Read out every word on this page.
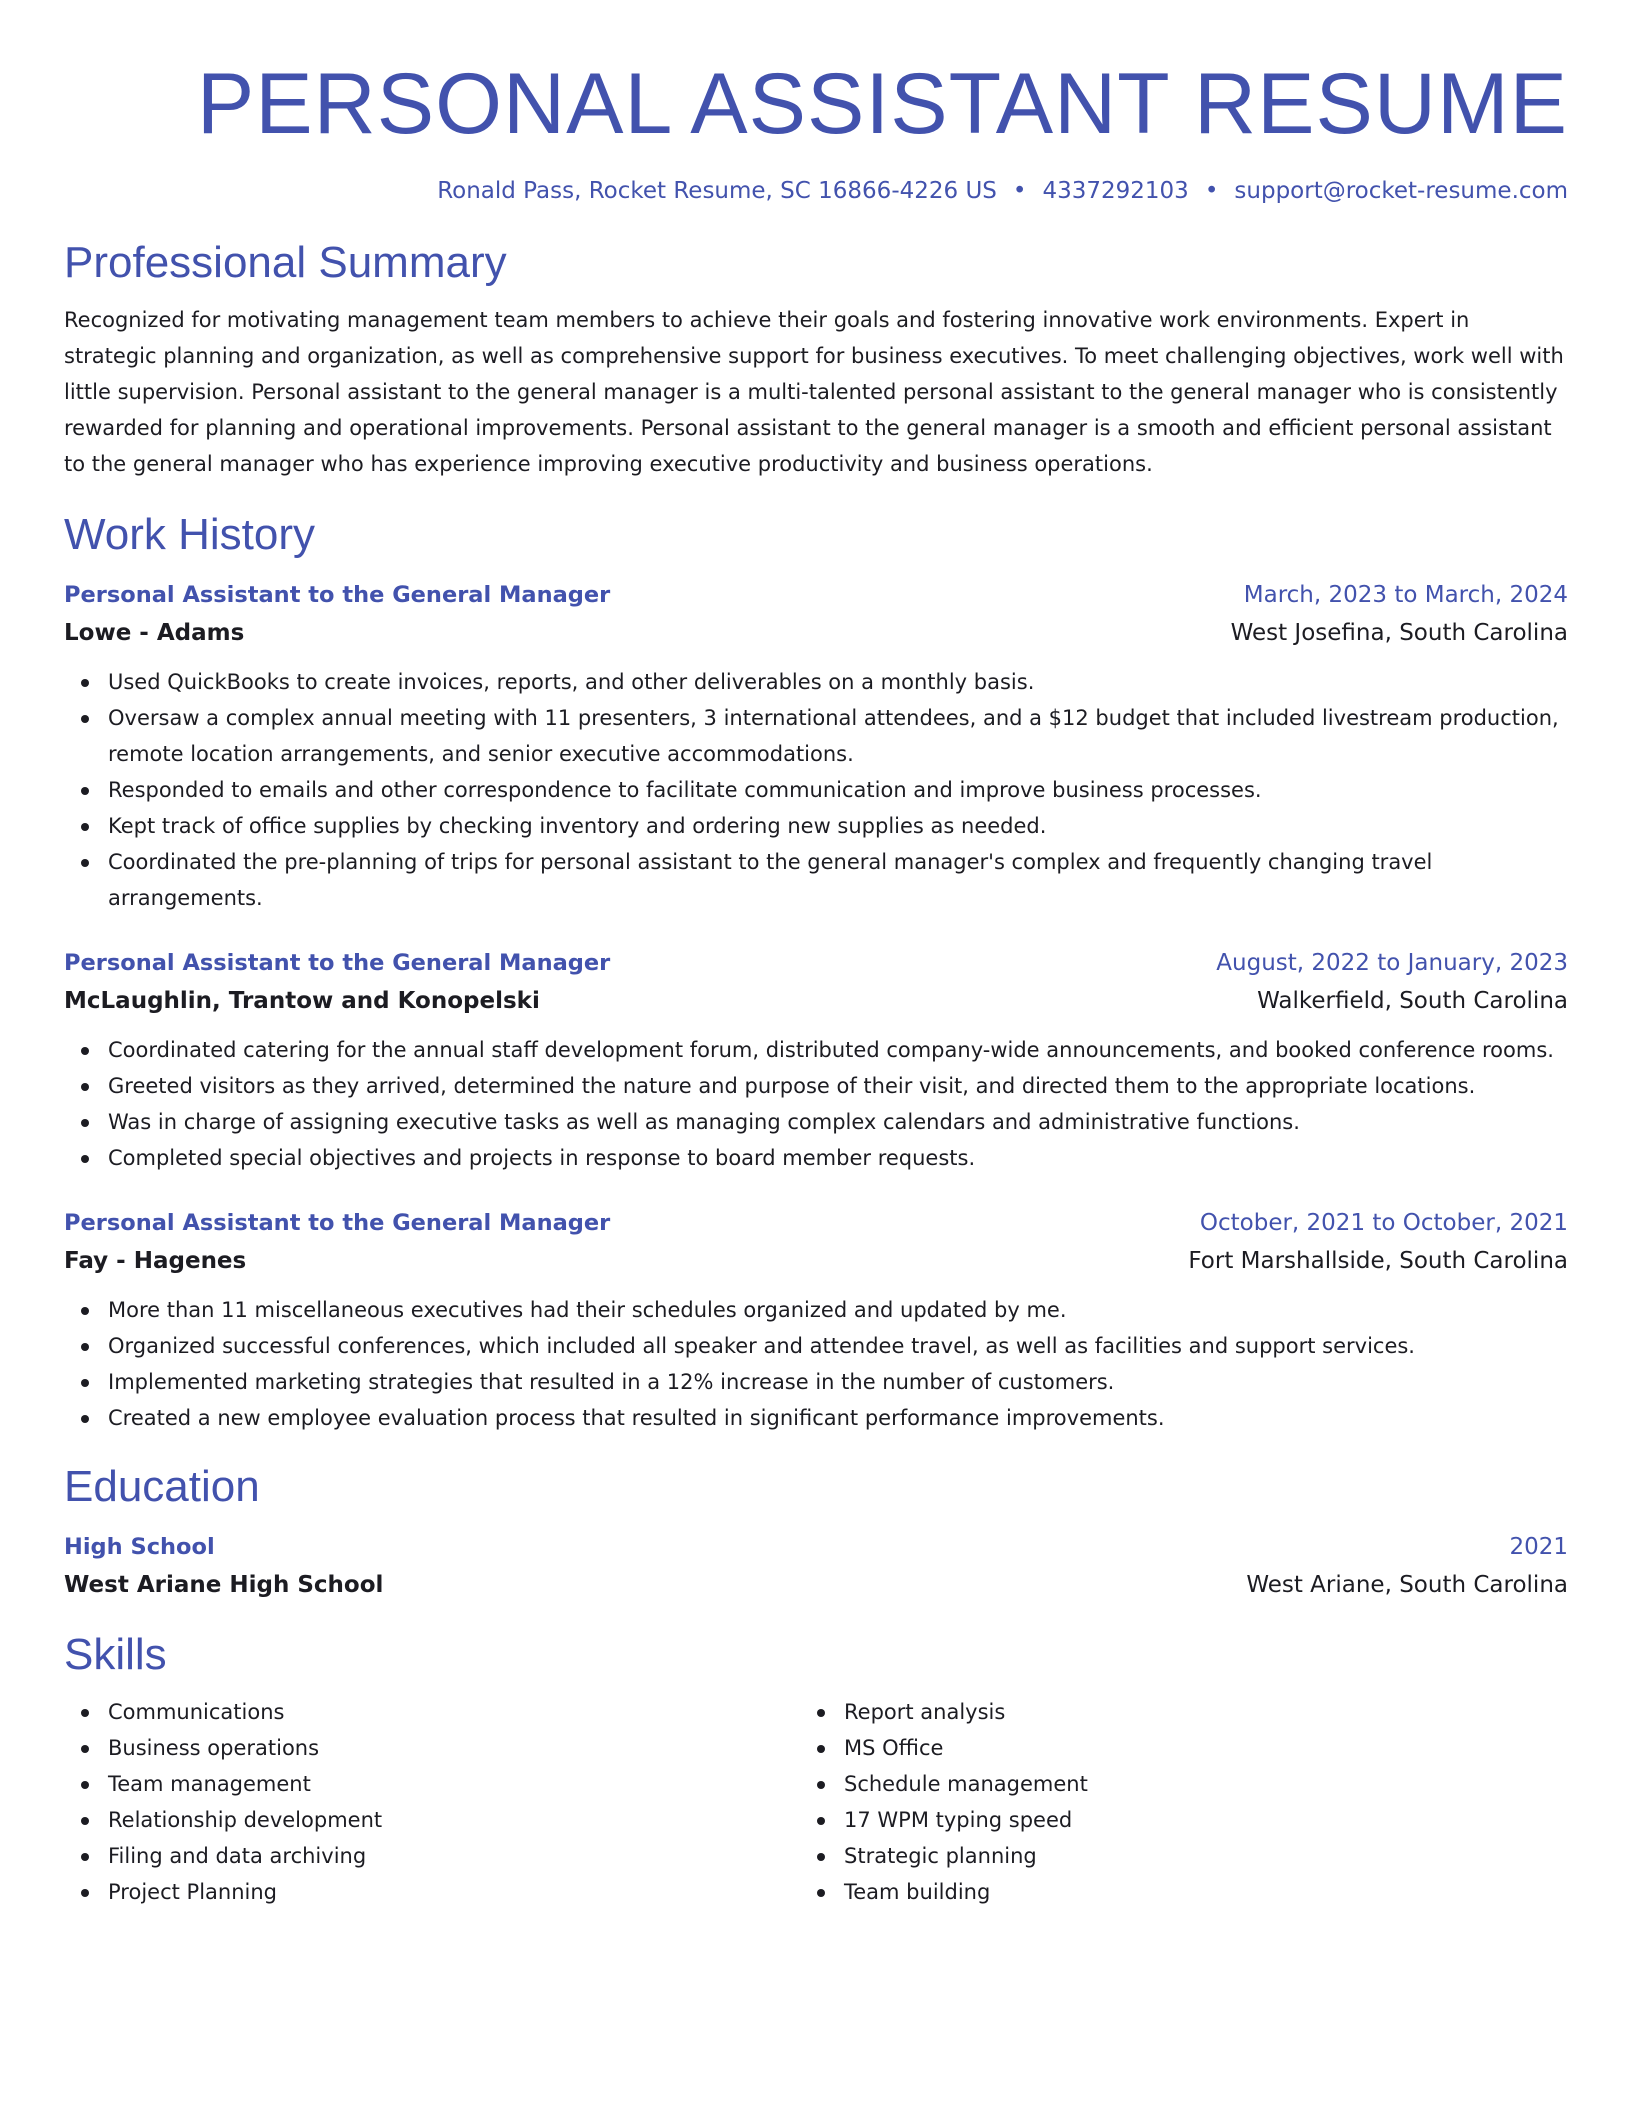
PERSONAL ASSISTANT RESUME
Ronald Pass, Rocket Resume, SC 16866-4226 US • 4337292103 • support@rocket-resume.com
Professional Summary
Recognized for motivating management team members to achieve their goals and fostering innovative work environments. Expert in strategic planning and organization, as well as comprehensive support for business executives. To meet challenging objectives, work well with little supervision. Personal assistant to the general manager is a multi-talented personal assistant to the general manager who is consistently rewarded for planning and operational improvements. Personal assistant to the general manager is a smooth and efficient personal assistant to the general manager who has experience improving executive productivity and business operations.
Work History
Personal Assistant to the General Manager	March, 2023 to March, 2024
Lowe - Adams	West Josefina, South Carolina
Used QuickBooks to create invoices, reports, and other deliverables on a monthly basis.
Oversaw a complex annual meeting with 11 presenters, 3 international attendees, and a $12 budget that included livestream production, remote location arrangements, and senior executive accommodations.
Responded to emails and other correspondence to facilitate communication and improve business processes.
Kept track of office supplies by checking inventory and ordering new supplies as needed.
Coordinated the pre-planning of trips for personal assistant to the general manager's complex and frequently changing travel arrangements.
Personal Assistant to the General Manager	August, 2022 to January, 2023
McLaughlin, Trantow and Konopelski	Walkerfield, South Carolina
Coordinated catering for the annual staff development forum, distributed company-wide announcements, and booked conference rooms.
Greeted visitors as they arrived, determined the nature and purpose of their visit, and directed them to the appropriate locations.
Was in charge of assigning executive tasks as well as managing complex calendars and administrative functions.
Completed special objectives and projects in response to board member requests.
Personal Assistant to the General Manager	October, 2021 to October, 2021
Fay - Hagenes	Fort Marshallside, South Carolina
More than 11 miscellaneous executives had their schedules organized and updated by me.
Organized successful conferences, which included all speaker and attendee travel, as well as facilities and support services.
Implemented marketing strategies that resulted in a 12% increase in the number of customers.
Created a new employee evaluation process that resulted in significant performance improvements.
Education
High School	2021
West Ariane High School	West Ariane, South Carolina
Skills
Communications
Business operations
Team management
Relationship development
Filing and data archiving
Project Planning
Report analysis
MS Office
Schedule management
17 WPM typing speed
Strategic planning
Team building
